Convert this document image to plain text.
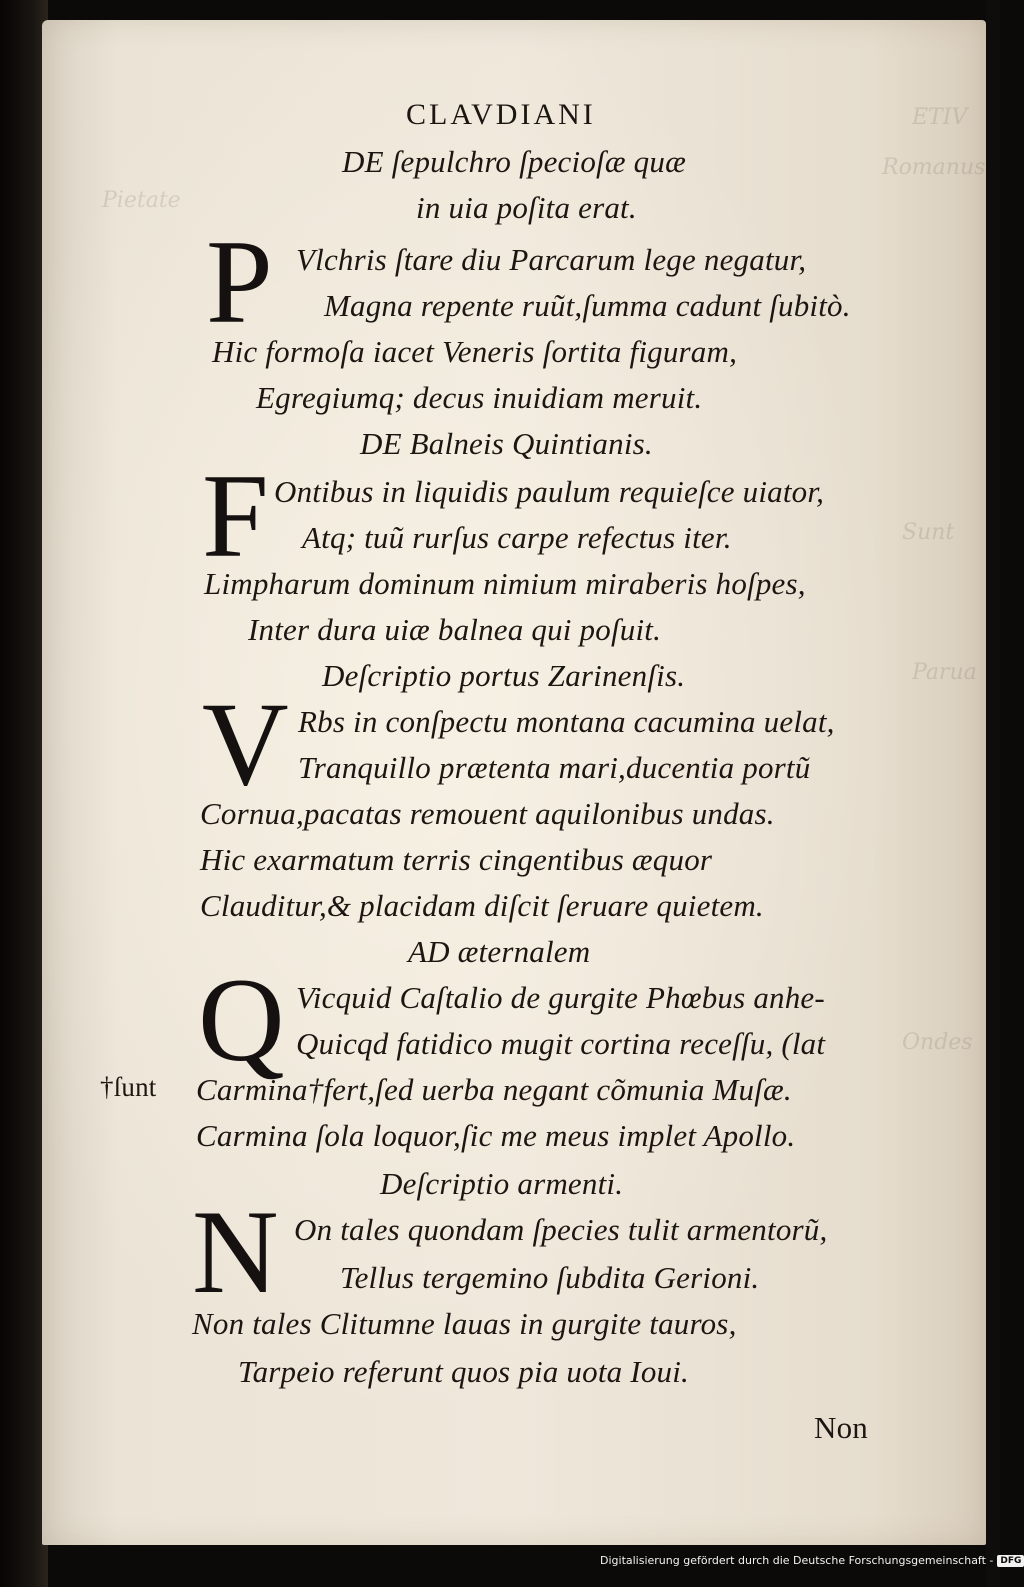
ETIV
Romanus
Pietate
Sunt
Parua
Ondes
CLAVDIANI
DE ſepulchro ſpecioſæ quæ
in uia poſita erat.
P Vlchris ſtare diu Parcarum lege negatur,
Magna repente ruũt,ſumma cadunt ſubitò.
Hic formoſa iacet Veneris ſortita figuram,
Egregiumq; decus inuidiam meruit.
DE Balneis Quintianis.
F Ontibus in liquidis paulum requieſce uiator,
Atq; tuũ rurſus carpe refectus iter.
Limpharum dominum nimium miraberis hoſpes,
Inter dura uiæ balnea qui poſuit.
Deſcriptio portus Zarinenſis.
V Rbs in conſpectu montana cacumina uelat,
Tranquillo prætenta mari,ducentia portũ
Cornua,pacatas remouent aquilonibus undas.
Hic exarmatum terris cingentibus æquor
Clauditur,& placidam diſcit ſeruare quietem.
AD æternalem
Q Vicquid Caſtalio de gurgite Phœbus anhe-
Quicqd fatidico mugit cortina receſſu, (lat
†ſunt Carmina†fert,ſed uerba negant cõmunia Muſæ.
Carmina ſola loquor,ſic me meus implet Apollo.
Deſcriptio armenti.
N On tales quondam ſpecies tulit armentorũ,
Tellus tergemino ſubdita Gerioni.
Non tales Clitumne lauas in gurgite tauros,
Tarpeio referunt quos pia uota Ioui.
Non
Digitalisierung gefördert durch die Deutsche Forschungsgemeinschaft - DFG
